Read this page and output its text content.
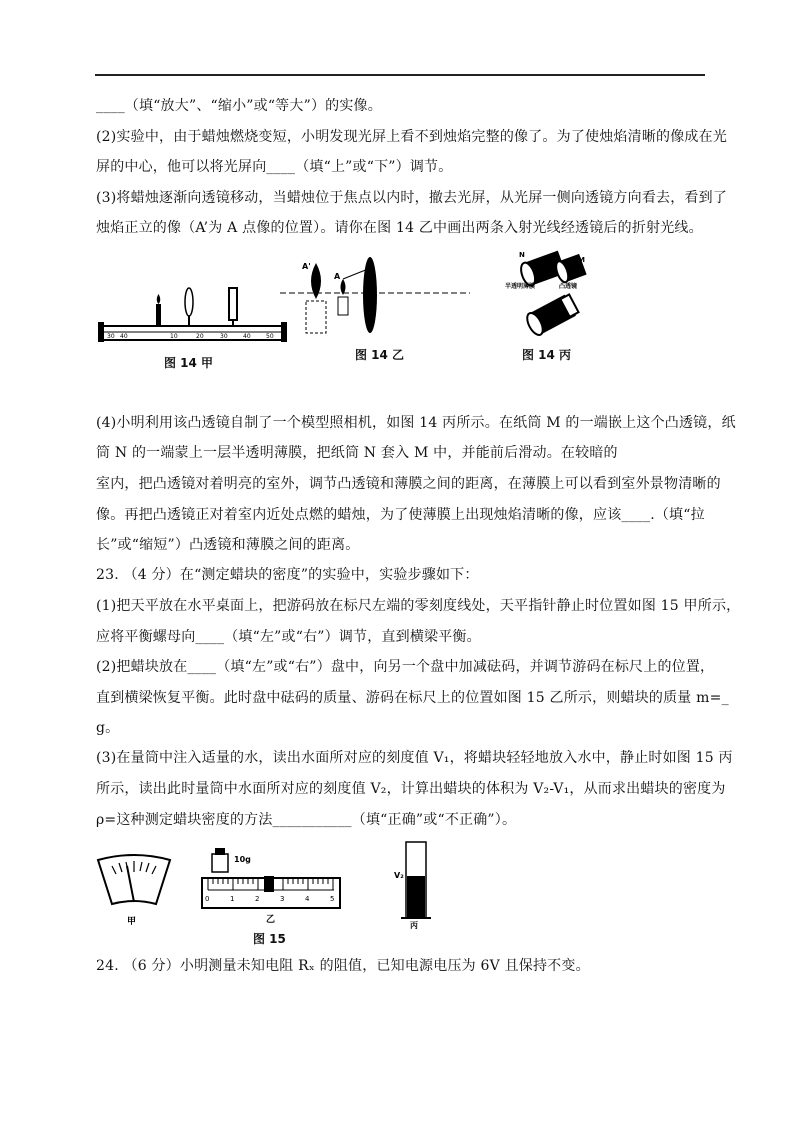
____（填“放大”、“缩小”或“等大”）的实像。
(2)实验中，由于蜡烛燃烧变短，小明发现光屏上看不到烛焰完整的像了。为了使烛焰清晰的像成在光
屏的中心，他可以将光屏向____（填“上”或“下”）调节。
(3)将蜡烛逐渐向透镜移动，当蜡烛位于焦点以内时，撤去光屏，从光屏一侧向透镜方向看去，看到了
烛焰正立的像（A’为 A 点像的位置）。请你在图 14 乙中画出两条入射光线经透镜后的折射光线。
30 40	10	20	30	40	50
图 14 甲
A'
A
图 14 乙
N
M
半透明薄膜	凸透镜
图 14 丙
(4)小明利用该凸透镜自制了一个模型照相机，如图 14 丙所示。在纸筒 M 的一端嵌上这个凸透镜，纸
筒 N 的一端蒙上一层半透明薄膜，把纸筒 N 套入 M 中，并能前后滑动。在较暗的
室内，把凸透镜对着明亮的室外，调节凸透镜和薄膜之间的距离，在薄膜上可以看到室外景物清晰的
像。再把凸透镜正对着室内近处点燃的蜡烛，为了使薄膜上出现烛焰清晰的像，应该____.（填“拉
长”或“缩短”）凸透镜和薄膜之间的距离。
23. （4 分）在“测定蜡块的密度”的实验中，实验步骤如下：
(1)把天平放在水平桌面上，把游码放在标尺左端的零刻度线处，天平指针静止时位置如图 15 甲所示，
应将平衡螺母向____（填“左”或“右”）调节，直到横梁平衡。
(2)把蜡块放在____（填“左”或“右”）盘中，向另一个盘中加减砝码，并调节游码在标尺上的位置，
直到横梁恢复平衡。此时盘中砝码的质量、游码在标尺上的位置如图 15 乙所示，则蜡块的质量 m=_
g。
(3)在量筒中注入适量的水，读出水面所对应的刻度值 V₁，将蜡块轻轻地放入水中，静止时如图 15 丙
所示，读出此时量筒中水面所对应的刻度值 V₂，计算出蜡块的体积为 V₂-V₁，从而求出蜡块的密度为
ρ=这种测定蜡块密度的方法___________（填“正确”或“不正确”）。
甲
10g
0	1	2	3	4	5
乙
V₂
丙
图 15
24. （6 分）小明测量未知电阻 Rₓ 的阻值，已知电源电压为 6V 且保持不变。
